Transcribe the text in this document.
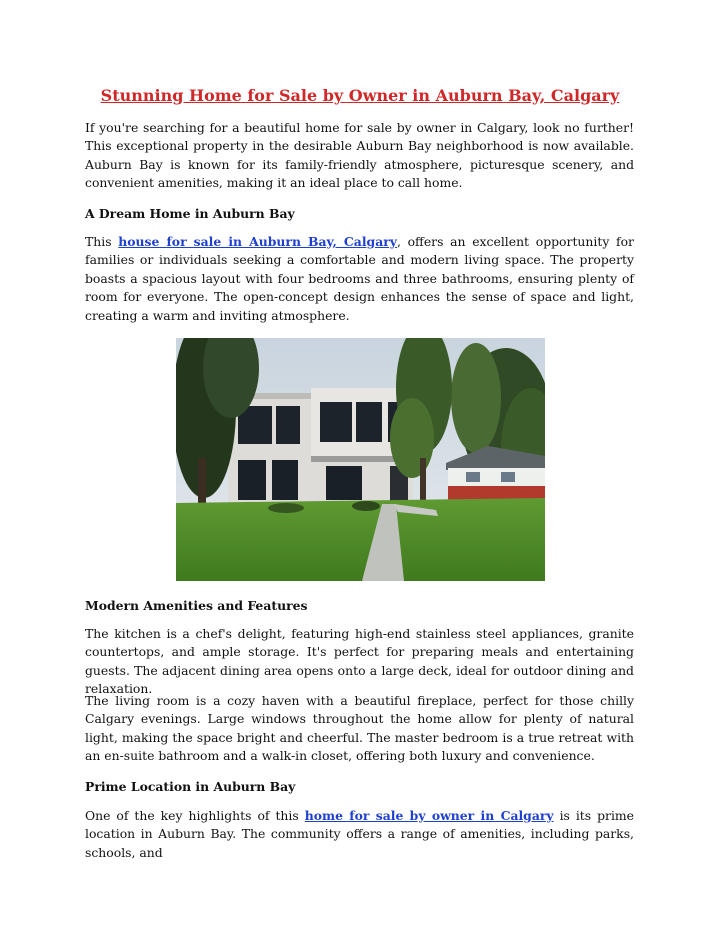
Stunning Home for Sale by Owner in Auburn Bay, Calgary

If you're searching for a beautiful home for sale by owner in Calgary, look no further! This exceptional property in the desirable Auburn Bay neighborhood is now available. Auburn Bay is known for its family-friendly atmosphere, picturesque scenery, and convenient amenities, making it an ideal place to call home.

A Dream Home in Auburn Bay

This house for sale in Auburn Bay, Calgary, offers an excellent opportunity for families or individuals seeking a comfortable and modern living space. The property boasts a spacious layout with four bedrooms and three bathrooms, ensuring plenty of room for everyone. The open-concept design enhances the sense of space and light, creating a warm and inviting atmosphere.

Modern Amenities and Features

The kitchen is a chef's delight, featuring high-end stainless steel appliances, granite countertops, and ample storage. It's perfect for preparing meals and entertaining guests. The adjacent dining area opens onto a large deck, ideal for outdoor dining and relaxation.

The living room is a cozy haven with a beautiful fireplace, perfect for those chilly Calgary evenings. Large windows throughout the home allow for plenty of natural light, making the space bright and cheerful. The master bedroom is a true retreat with an en-suite bathroom and a walk-in closet, offering both luxury and convenience.

Prime Location in Auburn Bay

One of the key highlights of this home for sale by owner in Calgary is its prime location in Auburn Bay. The community offers a range of amenities, including parks, schools, and
